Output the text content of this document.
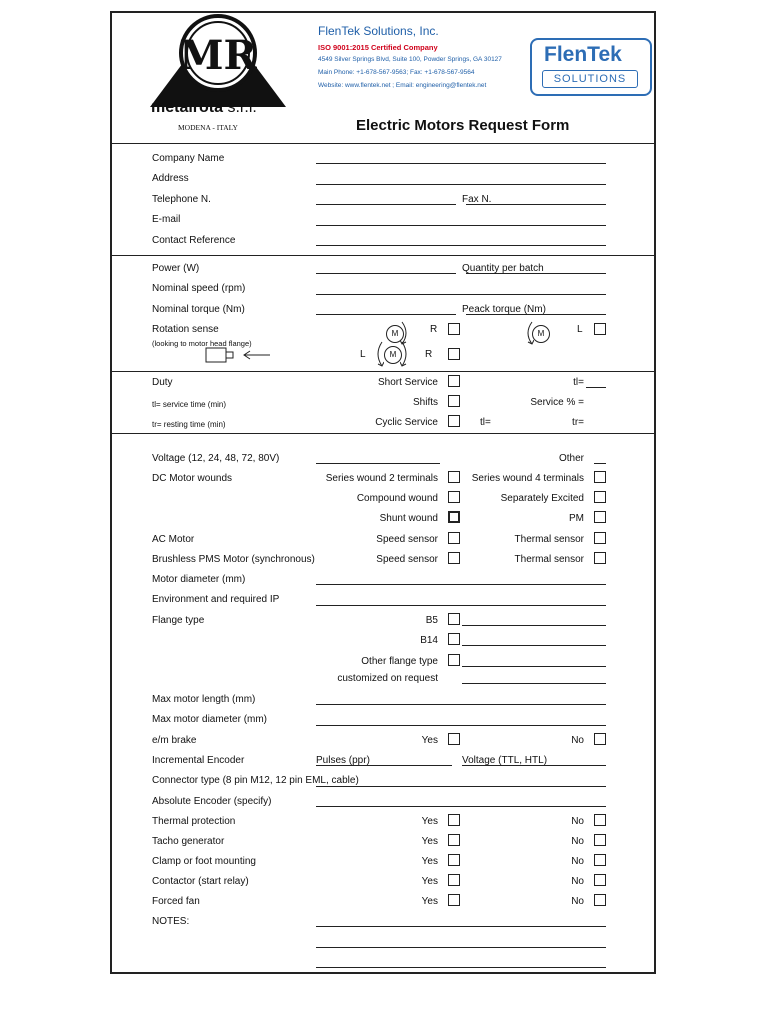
MR
metalrota s.r.l.
MODENA - ITALY
FlenTek Solutions, Inc.
ISO 9001:2015 Certified Company
4549 Silver Springs Blvd, Suite 100, Powder Springs, GA 30127
Main Phone: +1-678-567-9563; Fax: +1-678-567-9564
Website: www.flentek.net ; Email: engineering@flentek.net
FlenTek
SOLUTIONS
Electric Motors Request Form
Company Name
Address
Telephone N.	Fax N.
E-mail
Contact Reference
Power (W)	Quantity per batch
Nominal speed (rpm)
Nominal torque (Nm)	Peack torque (Nm)
Rotation sense
(looking to motor head flange)
M	R	M	L
L	M	R
Duty
tl= service time (min)
tr= resting time (min)
Short Service	tl=
Shifts	Service % =
Cyclic Service	tl=	tr=
Voltage (12, 24, 48, 72, 80V)	Other
DC Motor wounds	Series wound 2 terminals	Series wound 4 terminals
Compound wound	Separately Excited
Shunt wound	PM
AC Motor	Speed sensor	Thermal sensor
Brushless PMS Motor (synchronous)	Speed sensor	Thermal sensor
Motor diameter (mm)
Environment and required IP
Flange type	B5
B14
Other flange type
customized on request
Max motor length (mm)
Max motor diameter (mm)
e/m brake	Yes	No
Incremental Encoder	Pulses (ppr)	Voltage (TTL, HTL)
Connector type (8 pin M12, 12 pin EML, cable)
Absolute Encoder (specify)
Thermal protection	Yes	No
Tacho generator	Yes	No
Clamp or foot mounting	Yes	No
Contactor (start relay)	Yes	No
Forced fan	Yes	No
NOTES:
